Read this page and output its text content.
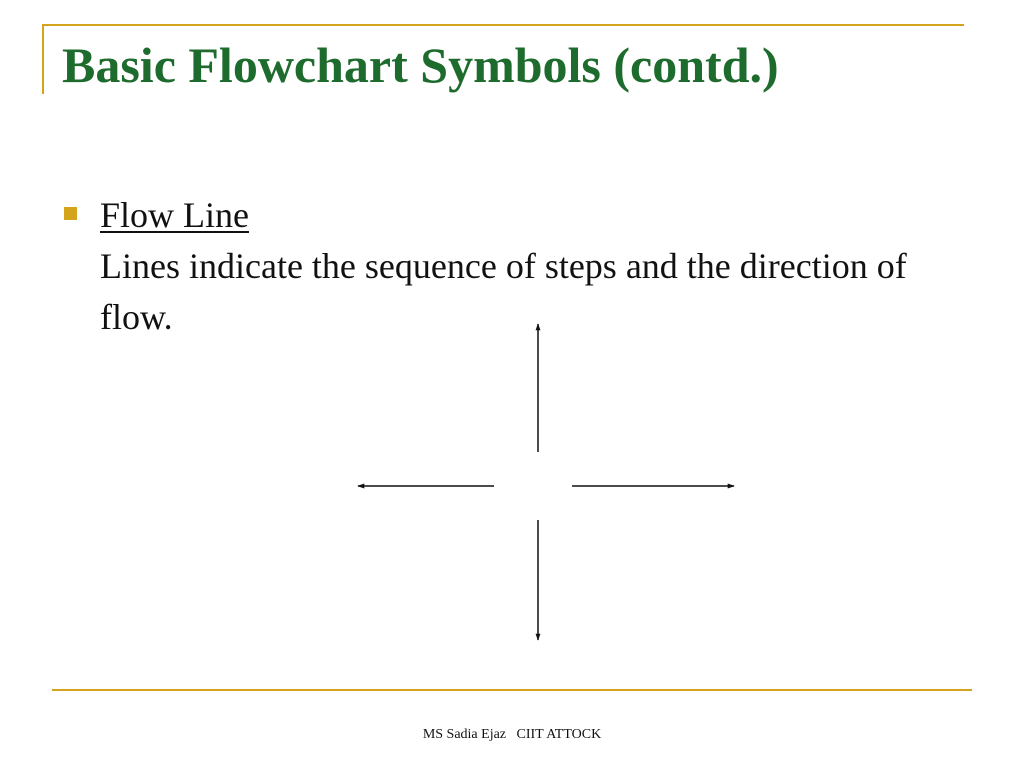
Basic Flowchart Symbols (contd.)
Flow Line
Lines indicate the sequence of steps and the direction of flow.
MS Sadia Ejaz   CIIT ATTOCK
